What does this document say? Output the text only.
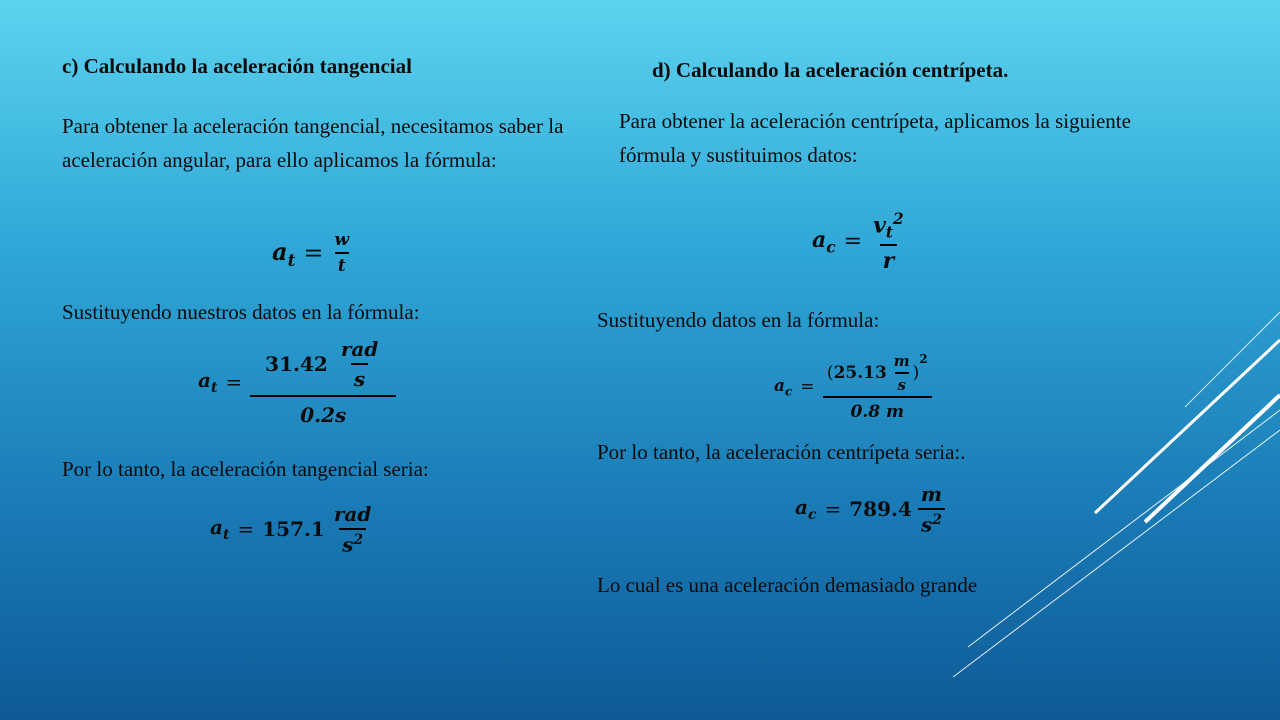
c) Calculando la aceleración tangencial
Para obtener la aceleración tangencial, necesitamos saber la aceleración angular, para ello aplicamos la fórmula:
$a_t = \frac{w}{t}$
Sustituyendo nuestros datos en la fórmula:
$a_t = \frac{31.42 \frac{\text{rad}}{s}}{0.2s}$
Por lo tanto, la aceleración tangencial seria:
$a_t = 157.1 \frac{\text{rad}}{s^2}$
d) Calculando la aceleración centrípeta.
Para obtener la aceleración centrípeta, aplicamos la siguiente fórmula y sustituimos datos:
$a_c = \frac{v_t^2}{r}$
Sustituyendo datos en la fórmula:
$a_c$ = ( $25.13 \frac{m}{s}$ )
$^2$
0.8 m
Por lo tanto, la aceleración centrípeta seria:.
$a_c = 789.4 \frac{m}{s^2}$
Lo cual es una aceleración demasiado grande
